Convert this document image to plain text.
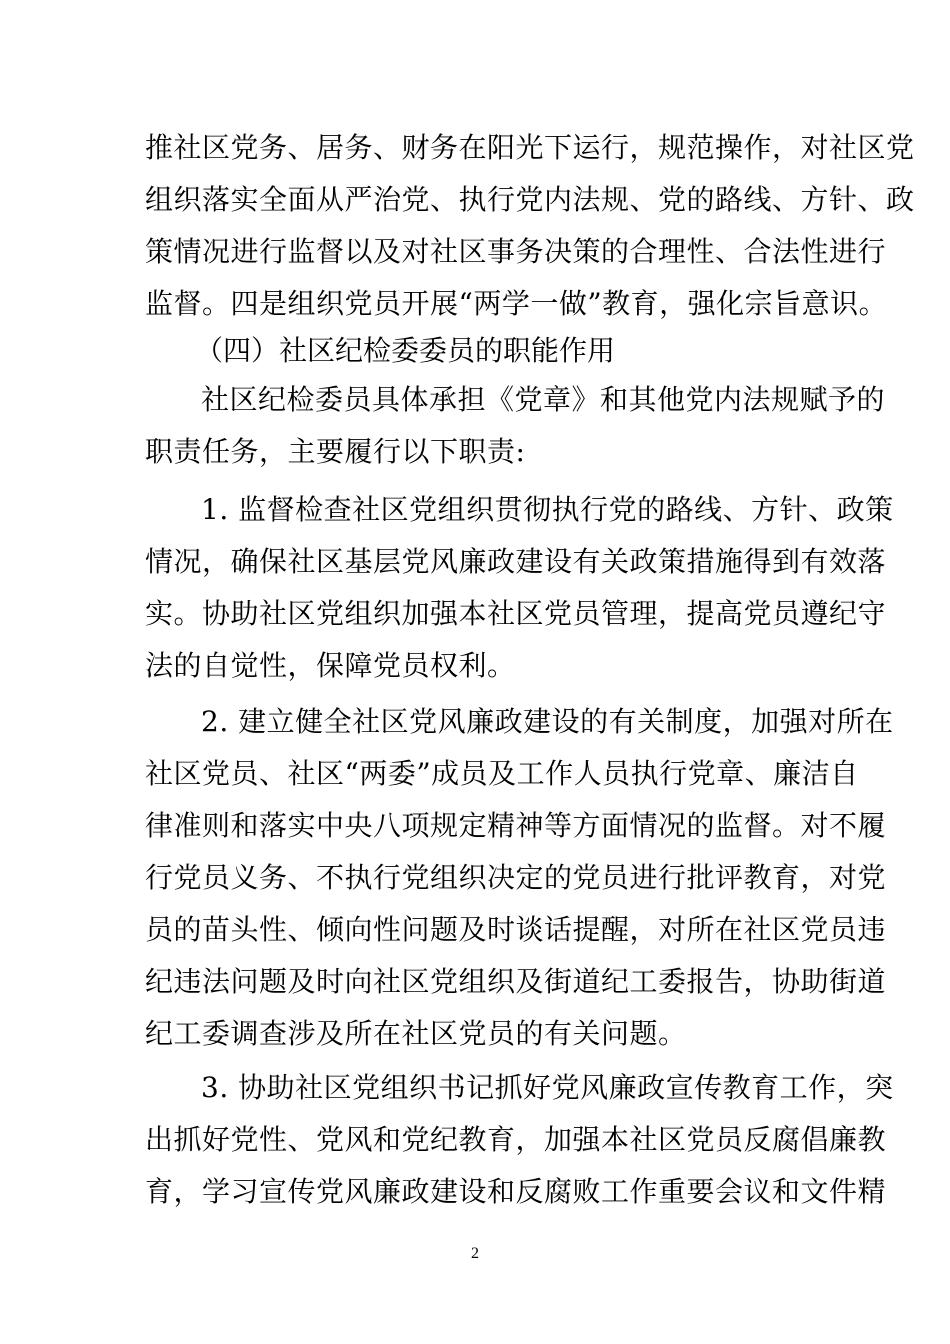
推社区党务、居务、财务在阳光下运行，规范操作，对社区党
组织落实全面从严治党、执行党内法规、党的路线、方针、政
策情况进行监督以及对社区事务决策的合理性、合法性进行
监督。四是组织党员开展“两学一做”教育，强化宗旨意识。
（四）社区纪检委委员的职能作用
社区纪检委员具体承担《党章》和其他党内法规赋予的
职责任务，主要履行以下职责:
1. 监督检查社区党组织贯彻执行党的路线、方针、政策
情况，确保社区基层党风廉政建设有关政策措施得到有效落
实。协助社区党组织加强本社区党员管理，提高党员遵纪守
法的自觉性，保障党员权利。
2. 建立健全社区党风廉政建设的有关制度，加强对所在
社区党员、社区“两委”成员及工作人员执行党章、廉洁自
律准则和落实中央八项规定精神等方面情况的监督。对不履
行党员义务、不执行党组织决定的党员进行批评教育，对党
员的苗头性、倾向性问题及时谈话提醒，对所在社区党员违
纪违法问题及时向社区党组织及街道纪工委报告，协助街道
纪工委调查涉及所在社区党员的有关问题。
3. 协助社区党组织书记抓好党风廉政宣传教育工作，突
出抓好党性、党风和党纪教育，加强本社区党员反腐倡廉教
育，学习宣传党风廉政建设和反腐败工作重要会议和文件精
2
